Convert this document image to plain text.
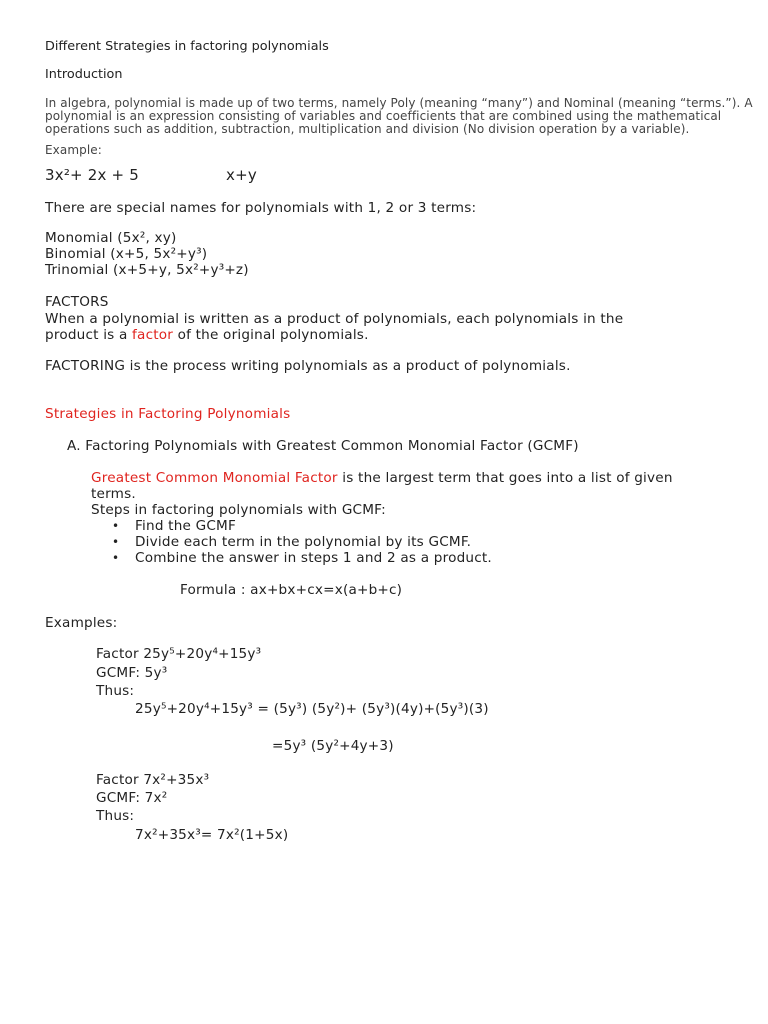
Different Strategies in factoring polynomials
Introduction
In algebra, polynomial is made up of two terms, namely Poly (meaning “many”) and Nominal (meaning “terms.”). A
polynomial is an expression consisting of variables and coefficients that are combined using the mathematical
operations such as addition, subtraction, multiplication and division (No division operation by a variable).
Example:
3x²+ 2x + 5	x+y
There are special names for polynomials with 1, 2 or 3 terms:
Monomial (5x², xy)
Binomial (x+5, 5x²+y³)
Trinomial (x+5+y, 5x²+y³+z)
FACTORS
When a polynomial is written as a product of polynomials, each polynomials in the
product is a factor of the original polynomials.
FACTORING is the process writing polynomials as a product of polynomials.
Strategies in Factoring Polynomials
A. Factoring Polynomials with Greatest Common Monomial Factor (GCMF)
Greatest Common Monomial Factor is the largest term that goes into a list of given
terms.
Steps in factoring polynomials with GCMF:
• Find the GCMF
• Divide each term in the polynomial by its GCMF.
• Combine the answer in steps 1 and 2 as a product.
Formula : ax+bx+cx=x(a+b+c)
Examples:
Factor 25y⁵+20y⁴+15y³
GCMF: 5y³
Thus:
25y⁵+20y⁴+15y³ = (5y³) (5y²)+ (5y³)(4y)+(5y³)(3)
=5y³ (5y²+4y+3)
Factor 7x²+35x³
GCMF: 7x²
Thus:
7x²+35x³= 7x²(1+5x)
